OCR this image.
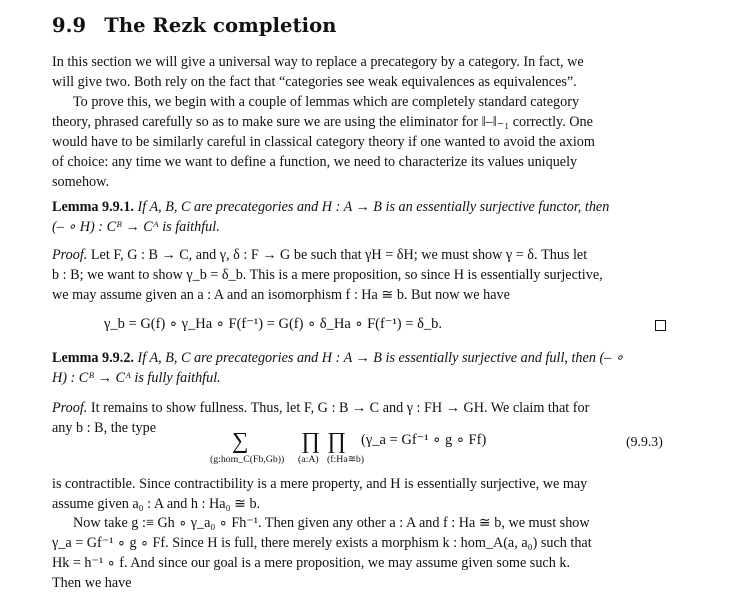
9.9 The Rezk completion
In this section we will give a universal way to replace a precategory by a category. In fact, we
will give two. Both rely on the fact that “categories see weak equivalences as equivalences”.
To prove this, we begin with a couple of lemmas which are completely standard category
theory, phrased carefully so as to make sure we are using the eliminator for ‖–‖₋₁ correctly. One
would have to be similarly careful in classical category theory if one wanted to avoid the axiom
of choice: any time we want to define a function, we need to characterize its values uniquely
somehow.
Lemma 9.9.1. If A, B, C are precategories and H : A → B is an essentially surjective functor, then
(– ∘ H) : Cᴮ → Cᴬ is faithful.
Proof. Let F, G : B → C, and γ, δ : F → G be such that γH = δH; we must show γ = δ. Thus let
b : B; we want to show γ_b = δ_b. This is a mere proposition, so since H is essentially surjective,
we may assume given an a : A and an isomorphism f : Ha ≅ b. But now we have
γ_b = G(f) ∘ γ_Ha ∘ F(f⁻¹) = G(f) ∘ δ_Ha ∘ F(f⁻¹) = δ_b.
Lemma 9.9.2. If A, B, C are precategories and H : A → B is essentially surjective and full, then (– ∘
H) : Cᴮ → Cᴬ is fully faithful.
Proof. It remains to show fullness. Thus, let F, G : B → C and γ : FH → GH. We claim that for
any b : B, the type	∑ ∏ ∏ (γ_a = Gf⁻¹ ∘ g ∘ Ff)
(g:hom_C(Fb,Gb)) (a:A) (f:Ha≅b)
(9.9.3)
is contractible. Since contractibility is a mere property, and H is essentially surjective, we may
assume given a₀ : A and h : Ha₀ ≅ b.
Now take g :≡ Gh ∘ γ_a₀ ∘ Fh⁻¹. Then given any other a : A and f : Ha ≅ b, we must show
γ_a = Gf⁻¹ ∘ g ∘ Ff. Since H is full, there merely exists a morphism k : hom_A(a, a₀) such that
Hk = h⁻¹ ∘ f. And since our goal is a mere proposition, we may assume given some such k.
Then we have
